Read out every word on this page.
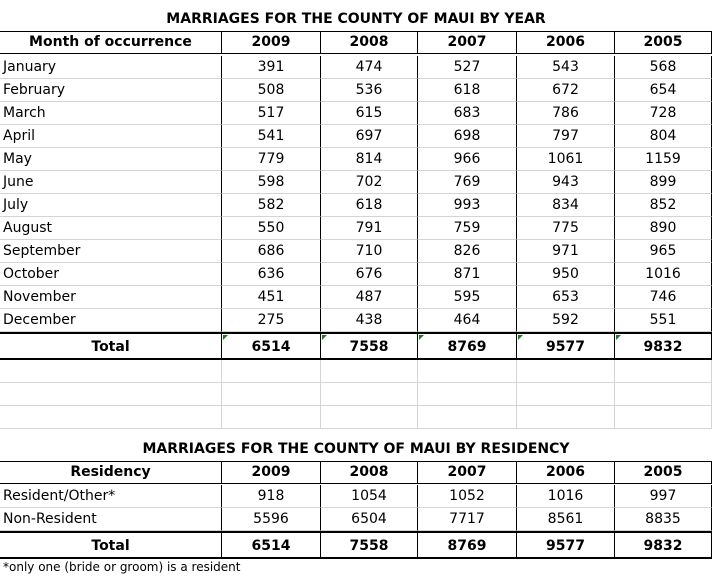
MARRIAGES FOR THE COUNTY OF MAUI BY YEAR
Month of occurrence	2009	2008	2007	2006	2005
January	391	474	527	543	568
February	508	536	618	672	654
March	517	615	683	786	728
April	541	697	698	797	804
May	779	814	966	1061	1159
June	598	702	769	943	899
July	582	618	993	834	852
August	550	791	759	775	890
September	686	710	826	971	965
October	636	676	871	950	1016
November	451	487	595	653	746
December	275	438	464	592	551
Total	6514	7558	8769	9577	9832
MARRIAGES FOR THE COUNTY OF MAUI BY RESIDENCY
Residency	2009	2008	2007	2006	2005
Resident/Other*	918	1054	1052	1016	997
Non-Resident	5596	6504	7717	8561	8835
Total	6514	7558	8769	9577	9832
*only one (bride or groom) is a resident
